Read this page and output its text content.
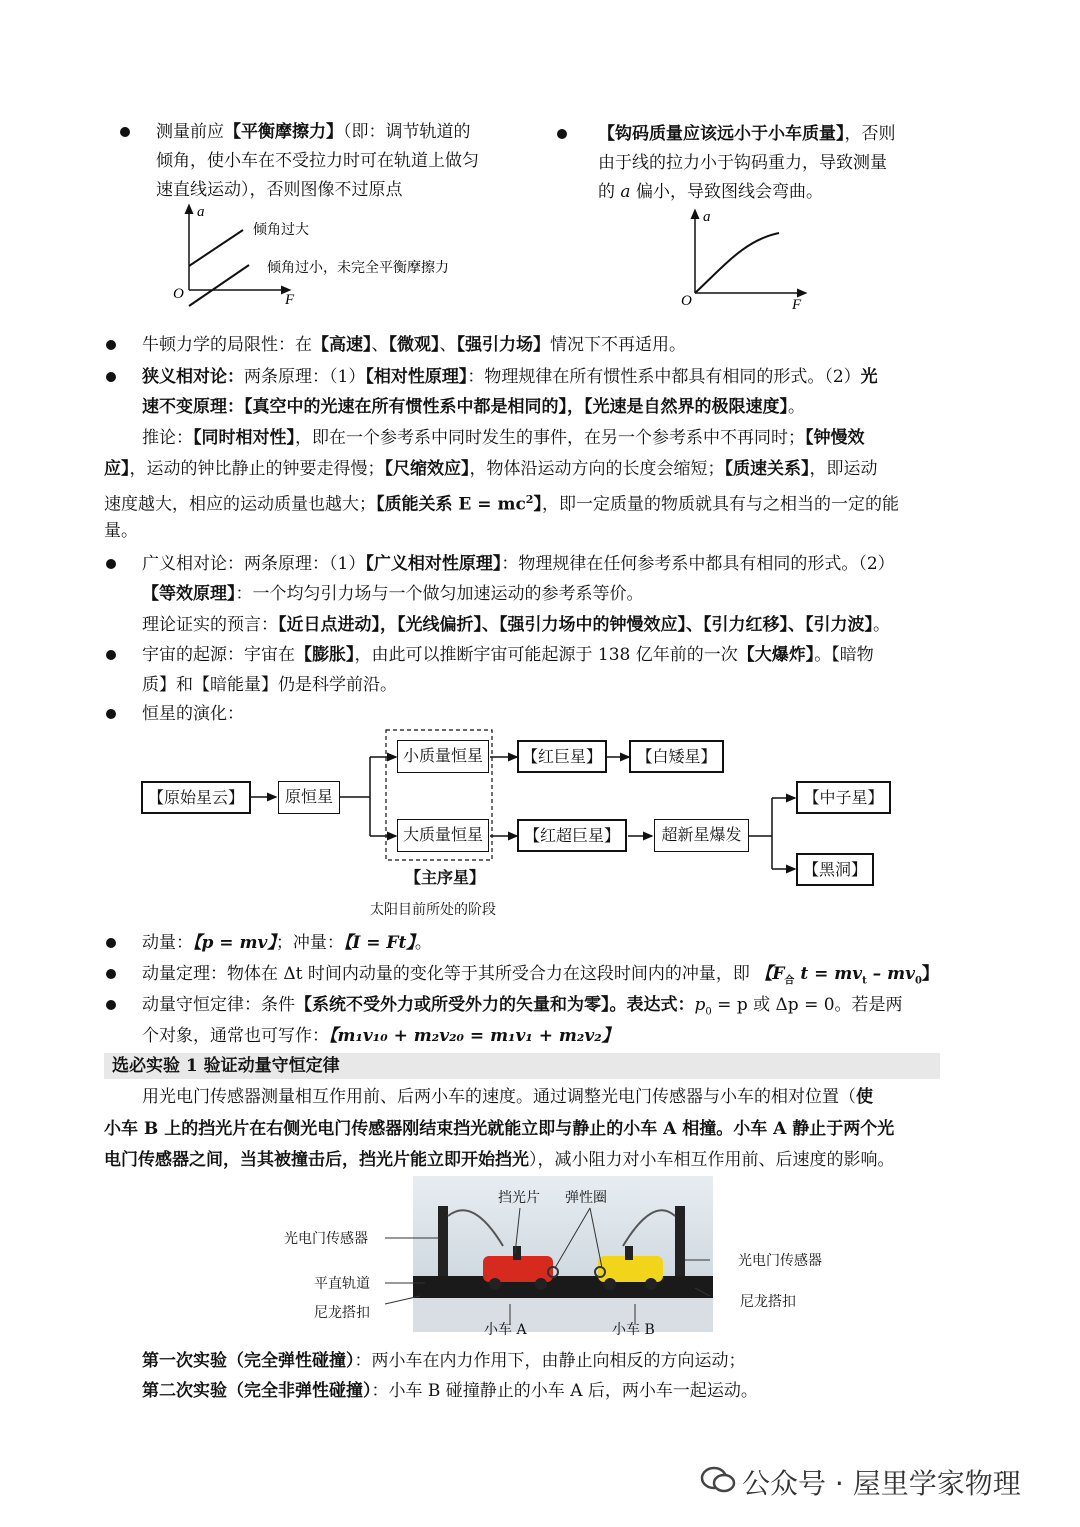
测量前应【平衡摩擦力】（即：调节轨道的
倾角，使小车在不受拉力时可在轨道上做匀
速直线运动），否则图像不过原点
a
F
O
倾角过大
倾角过小，未完全平衡摩擦力
【钩码质量应该远小于小车质量】，否则
由于线的拉力小于钩码重力，导致测量
的 a 偏小，导致图线会弯曲。
a
F
O
牛顿力学的局限性：在【高速】、【微观】、【强引力场】情况下不再适用。
狭义相对论：两条原理：（1）【相对性原理】：物理规律在所有惯性系中都具有相同的形式。（2）光
速不变原理：【真空中的光速在所有惯性系中都是相同的】，【光速是自然界的极限速度】。
推论：【同时相对性】，即在一个参考系中同时发生的事件，在另一个参考系中不再同时；【钟慢效
应】，运动的钟比静止的钟要走得慢；【尺缩效应】，物体沿运动方向的长度会缩短；【质速关系】，即运动
速度越大，相应的运动质量也越大；【质能关系 $E = mc^2$】，即一定质量的物质就具有与之相当的一定的能
量。
广义相对论：两条原理：（1）【广义相对性原理】：物理规律在任何参考系中都具有相同的形式。（2）
【等效原理】：一个均匀引力场与一个做匀加速运动的参考系等价。
理论证实的预言：【近日点进动】，【光线偏折】、【强引力场中的钟慢效应】、【引力红移】、【引力波】。
宇宙的起源：宇宙在【膨胀】，由此可以推断宇宙可能起源于 138 亿年前的一次【大爆炸】。【暗物
质】和【暗能量】仍是科学前沿。
恒星的演化：
【原始星云】	原恒星
小质量恒星
大质量恒星
【红巨星】	【白矮星】
【红超巨星】	超新星爆发
【中子星】
【黑洞】
【主序星】
太阳目前所处的阶段
动量：【p = mv】；冲量：【I = Ft】。
动量定理：物体在 Δt 时间内动量的变化等于其所受合力在这段时间内的冲量，即 【$F_合$ $t = mv_t - mv_0$】
动量守恒定律：条件【系统不受外力或所受外力的矢量和为零】。表达式：$p_0 = p$ 或 Δp = 0。若是两
个对象，通常也可写作：【m₁v₁₀ + m₂v₂₀ = m₁v₁ + m₂v₂】
选必实验 1 验证动量守恒定律
用光电门传感器测量相互作用前、后两小车的速度。通过调整光电门传感器与小车的相对位置（使
小车 B 上的挡光片在右侧光电门传感器刚结束挡光就能立即与静止的小车 A 相撞。小车 A 静止于两个光
电门传感器之间，当其被撞击后，挡光片能立即开始挡光），减小阻力对小车相互作用前、后速度的影响。
挡光片 弹性圈
光电门传感器
平直轨道
尼龙搭扣
光电门传感器
尼龙搭扣
小车 A	小车 B
第一次实验（完全弹性碰撞）：两小车在内力作用下，由静止向相反的方向运动；
第二次实验（完全非弹性碰撞）：小车 B 碰撞静止的小车 A 后，两小车一起运动。
公众号 · 屋里学家物理
